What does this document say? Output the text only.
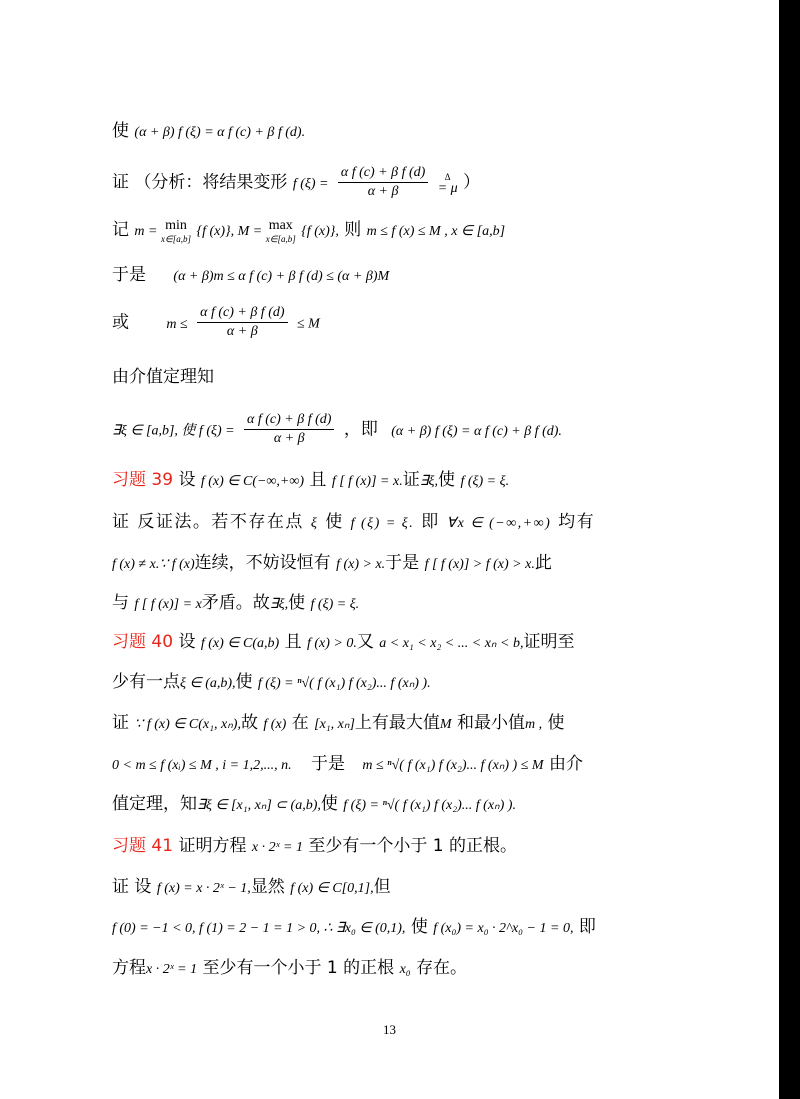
使 (α + β) f (ξ) = α f (c) + β f (d).
证 （分析：将结果变形 f $(\xi) = \frac{\text{α f (c) + β f (d)}}{\alpha + \beta}$
	Δ
= μ ）
记 m = min
x∈[a,b] {f (x)}, M = max
x∈[a,b] {f (x)}, 则 m ≤ f (x) ≤ M , x ∈ [a,b]
于是 (α + β)m ≤ α f (c) + β f (d) ≤ (α + β)M
或	$m \le \frac{\text{α f (c) + β f (d)}}{\alpha + \beta} \le M$
由介值定理知
∃ξ ∈ [a,b], 使 f $(\xi) = \frac{\text{α f (c) + β f (d)}}{\alpha + \beta}$ ，即 (α + β) f (ξ) = α f (c) + β f (d).
习题 39 设 f (x) ∈ C(−∞,+∞) 且 f [ f (x)] = x.证∃ξ,使 f (ξ) = ξ.
证 反证法。若不存在点 ξ 使 f (ξ) = ξ. 即 ∀x ∈ (−∞,+∞) 均有
f (x) ≠ x.∵ f (x)连续，不妨设恒有 f (x) > x.于是 f [ f (x)] > f (x) > x.此
与 f [ f (x)] = x矛盾。故∃ξ,使 f (ξ) = ξ.
习题 40 设 f (x) ∈ C(a,b) 且 f (x) > 0.又 a < x₁ < x₂ < ... < xₙ < b,证明至
少有一点ξ ∈ (a,b),使 f (ξ) = ⁿ√( f (x₁) f (x₂)... f (xₙ) ).
证 ∵ f (x) ∈ C(x₁, xₙ),故 f (x) 在 [x₁, xₙ]上有最大值M 和最小值m , 使
0 < m ≤ f (xᵢ) ≤ M , i = 1,2,..., n. 于是 m ≤ ⁿ√( f (x₁) f (x₂)... f (xₙ) ) ≤ M 由介
值定理，知∃ξ ∈ [x₁, xₙ] ⊂ (a,b),使 f (ξ) = ⁿ√( f (x₁) f (x₂)... f (xₙ) ).
习题 41 证明方程 x · 2ˣ = 1 至少有一个小于 1 的正根。
证 设 f (x) = x · 2ˣ − 1,显然 f (x) ∈ C[0,1],但
f (0) = −1 < 0, f (1) = 2 − 1 = 1 > 0, ∴ ∃x₀ ∈ (0,1), 使 f (x₀) = x₀ · 2^x₀ − 1 = 0, 即
方程x · 2ˣ = 1 至少有一个小于 1 的正根 x₀ 存在。
13
